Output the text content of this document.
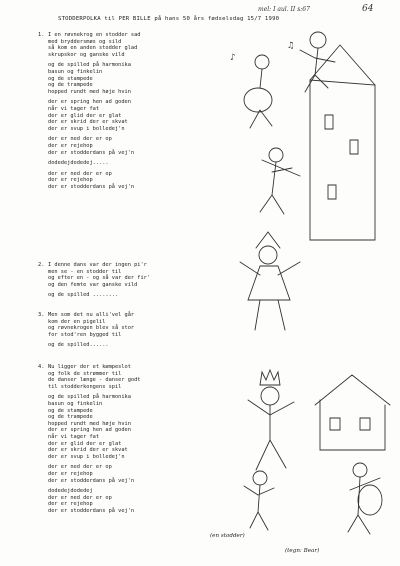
mel: I aul. II s:67	64
STODDERPOLKA til PER BILLE på hans 50 års fødselsdag 15/7 1990
1. I en røvnekrog en stodder sad
med bryddersmøs og sild
så kom en anden stodder glad
skrupskor og ganske vild
og de spilled på harmonika
basun og finkelin
og de stampede
og de trampede
hopped rundt med høje hvin
der er spring hen ad goden
når vi tager fat
der er glid der er glat
der er skrid der er skvat
der er svup i bolledej'n
der er ned der er op
der er rejehop
der er stodderdans på vej'n
dodedejdodedej.....
der er ned der er op
der er rejehop
der er stodderdans på vej'n
2. I denne dans var der ingen pi'r
men se - en stodder til
og efter en - og så var der fir'
og den femte var ganske vild
og de spilled ........
3. Men som det nu alli'vel går
kom der en pigelil
og røvnekrogen blev så stor
for stod'ren bygged til
og de spilled......
4. Nu ligger der et kæmpeslot
og folk de strømmer til
de danser længe - danser godt
til stodderkongens spil
og de spilled på harmonika
basun og finkelin
og de stampede
og de trampede
hopped rundt med høje hvin
der er spring hen ad goden
når vi tager fat
der er glid der er glat
der er skrid der er skvat
der er svup i bolledej'n
der er ned der er op
der er rejehop
der er stodderdans på vej'n
dodedejdodedej
der er ned der er op
der er rejehop
der er stodderdans på vej'n
♪
♫
(en stodder)
(tegn: Bear)
